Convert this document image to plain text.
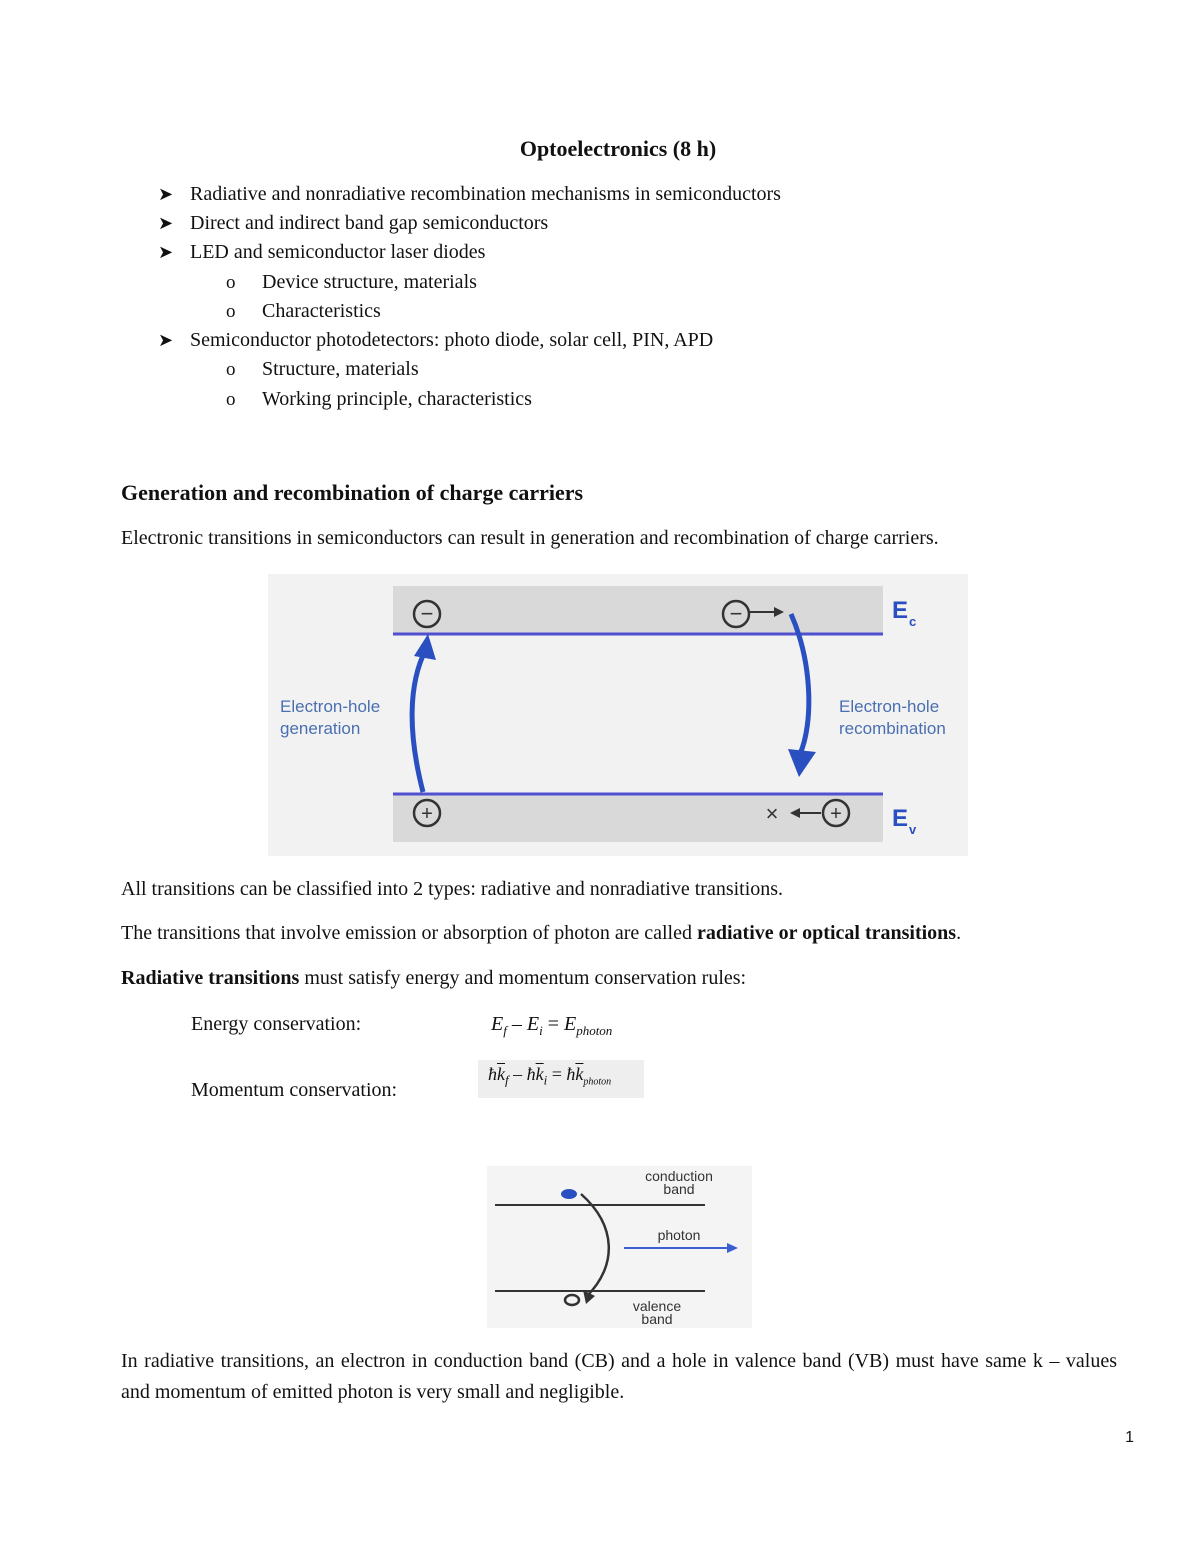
Optoelectronics (8 h)
➤ Radiative and nonradiative recombination mechanisms in semiconductors
➤ Direct and indirect band gap semiconductors
➤ LED and semiconductor laser diodes
o Device structure, materials
o Characteristics
➤ Semiconductor photodetectors: photo diode, solar cell, PIN, APD
o Structure, materials
o Working principle, characteristics
Generation and recombination of charge carriers
Electronic transitions in semiconductors can result in generation and recombination of charge carriers.
−	−
+	+
×
Electron-hole
generation
Electron-hole
recombination
E c
E v
All transitions can be classified into 2 types: radiative and nonradiative transitions.
The transitions that involve emission or absorption of photon are called radiative or optical transitions.
Radiative transitions must satisfy energy and momentum conservation rules:
Energy conservation:	$E_f - E_i = E_{photon}$
Momentum conservation:
$ħ\overline{k}_f$ – $ħ\overline{k}_i$ = $ħ\overline{k}_{photon}$
conduction
band
photon
valence
band
In radiative transitions, an electron in conduction band (CB) and a hole in valence band (VB) must have same k – values and momentum of emitted photon is very small and negligible.
1
